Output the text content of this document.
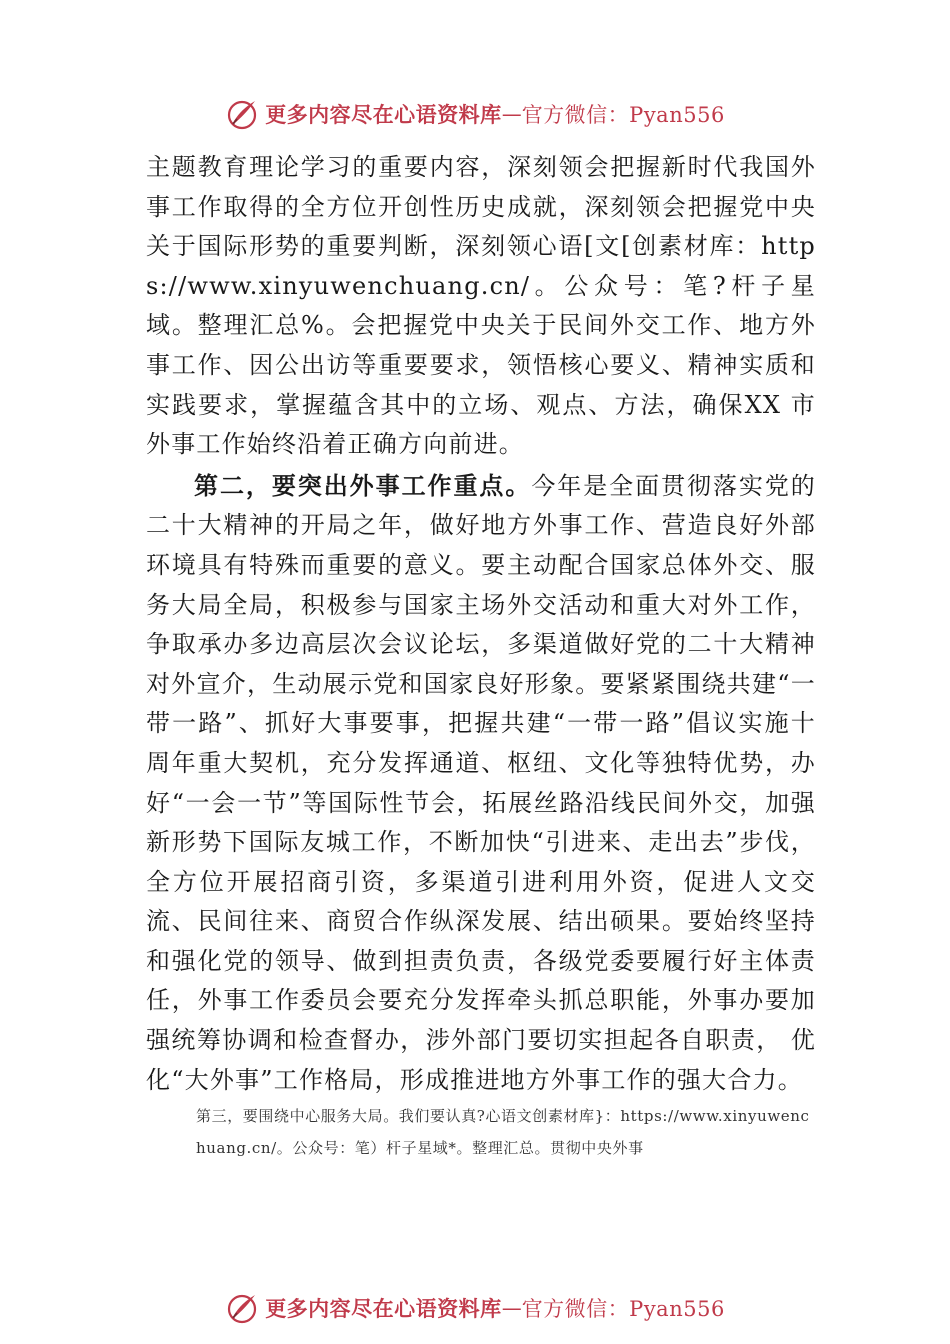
更多内容尽在心语资料库 — 官方微信：Pyan556

主题教育理论学习的重要内容，深刻领会把握新时代我国外事工作取得的全方位开创性历史成就，深刻领会把握党中央关于国际形势的重要判断，深刻领心语[文[创素材库：https://www.xinyuwenchuang.cn/。公众号：笔?杆子星域。整理汇总%。会把握党中央关于民间外交工作、地方外事工作、因公出访等重要要求，领悟核心要义、精神实质和实践要求，掌握蕴含其中的立场、观点、方法，确保XX 市外事工作始终沿着正确方向前进。

第二，要突出外事工作重点。今年是全面贯彻落实党的二十大精神的开局之年，做好地方外事工作、营造良好外部环境具有特殊而重要的意义。要主动配合国家总体外交、服务大局全局，积极参与国家主场外交活动和重大对外工作， 争取承办多边高层次会议论坛，多渠道做好党的二十大精神对外宣介，生动展示党和国家良好形象。要紧紧围绕共建“一带一路”、抓好大事要事，把握共建“一带一路”倡议实施十周年重大契机，充分发挥通道、枢纽、文化等独特优势，办好“一会一节”等国际性节会，拓展丝路沿线民间外交，加强新形势下国际友城工作，不断加快“引进来、走出去”步伐，全方位开展招商引资，多渠道引进利用外资，促进人文交流、民间往来、商贸合作纵深发展、结出硕果。要始终坚持和强化党的领导、做到担责负责，各级党委要履行好主体责任，外事工作委员会要充分发挥牵头抓总职能，外事办要加强统筹协调和检查督办，涉外部门要切实担起各自职责， 优化“大外事”工作格局，形成推进地方外事工作的强大合力。

第三，要围绕中心服务大局。我们要认真?心语文创素材库}：https://www.xinyuwenchuang.cn/。公众号：笔）杆子星域*。整理汇总。贯彻中央外事

更多内容尽在心语资料库 — 官方微信：Pyan556
